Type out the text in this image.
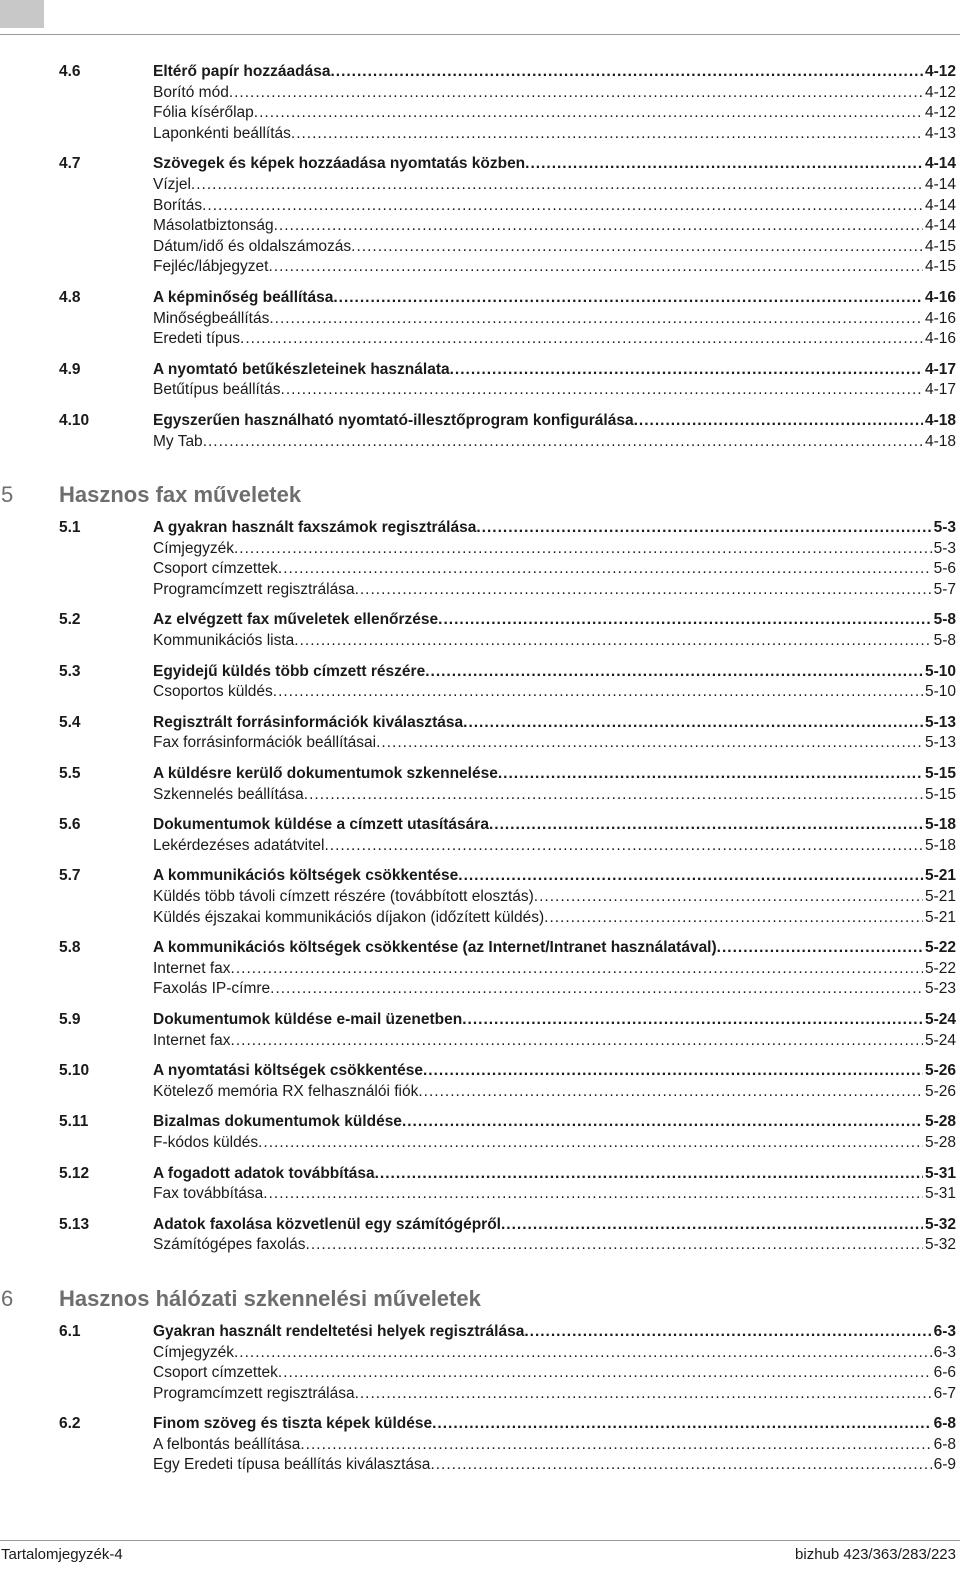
4.6	Eltérő papír hozzáadása .....	4-12
Borító mód .....	4-12
Fólia kísérőlap .....	4-12
Laponkénti beállítás .....	4-13
4.7	Szövegek és képek hozzáadása nyomtatás közben .....	4-14
Vízjel .....	4-14
Borítás .....	4-14
Másolatbiztonság .....	4-14
Dátum/idő és oldalszámozás .....	4-15
Fejléc/lábjegyzet .....	4-15
4.8	A képminőség beállítása .....	4-16
Minőségbeállítás .....	4-16
Eredeti típus .....	4-16
4.9	A nyomtató betűkészleteinek használata .....	4-17
Betűtípus beállítás .....	4-17
4.10	Egyszerűen használható nyomtató-illesztőprogram konfigurálása .....	4-18
My Tab .....	4-18
5 Hasznos fax műveletek
5.1	A gyakran használt faxszámok regisztrálása .....	5-3
Címjegyzék .....	5-3
Csoport címzettek .....	5-6
Programcímzett regisztrálása .....	5-7
5.2	Az elvégzett fax műveletek ellenőrzése .....	5-8
Kommunikációs lista .....	5-8
5.3	Egyidejű küldés több címzett részére .....	5-10
Csoportos küldés .....	5-10
5.4	Regisztrált forrásinformációk kiválasztása .....	5-13
Fax forrásinformációk beállításai .....	5-13
5.5	A küldésre kerülő dokumentumok szkennelése .....	5-15
Szkennelés beállítása .....	5-15
5.6	Dokumentumok küldése a címzett utasítására .....	5-18
Lekérdezéses adatátvitel .....	5-18
5.7	A kommunikációs költségek csökkentése .....	5-21
Küldés több távoli címzett részére (továbbított elosztás) .....	5-21
Küldés éjszakai kommunikációs díjakon (időzített küldés) .....	5-21
5.8	A kommunikációs költségek csökkentése (az Internet/Intranet használatával) .....	5-22
Internet fax .....	5-22
Faxolás IP-címre .....	5-23
5.9	Dokumentumok küldése e-mail üzenetben .....	5-24
Internet fax .....	5-24
5.10	A nyomtatási költségek csökkentése .....	5-26
Kötelező memória RX felhasználói fiók .....	5-26
5.11	Bizalmas dokumentumok küldése .....	5-28
F-kódos küldés .....	5-28
5.12	A fogadott adatok továbbítása .....	5-31
Fax továbbítása .....	5-31
5.13	Adatok faxolása közvetlenül egy számítógépről .....	5-32
Számítógépes faxolás .....	5-32
6 Hasznos hálózati szkennelési műveletek
6.1	Gyakran használt rendeltetési helyek regisztrálása .....	6-3
Címjegyzék .....	6-3
Csoport címzettek .....	6-6
Programcímzett regisztrálása .....	6-7
6.2	Finom szöveg és tiszta képek küldése .....	6-8
A felbontás beállítása .....	6-8
Egy Eredeti típusa beállítás kiválasztása .....	6-9
Tartalomjegyzék-4	bizhub 423/363/283/223
